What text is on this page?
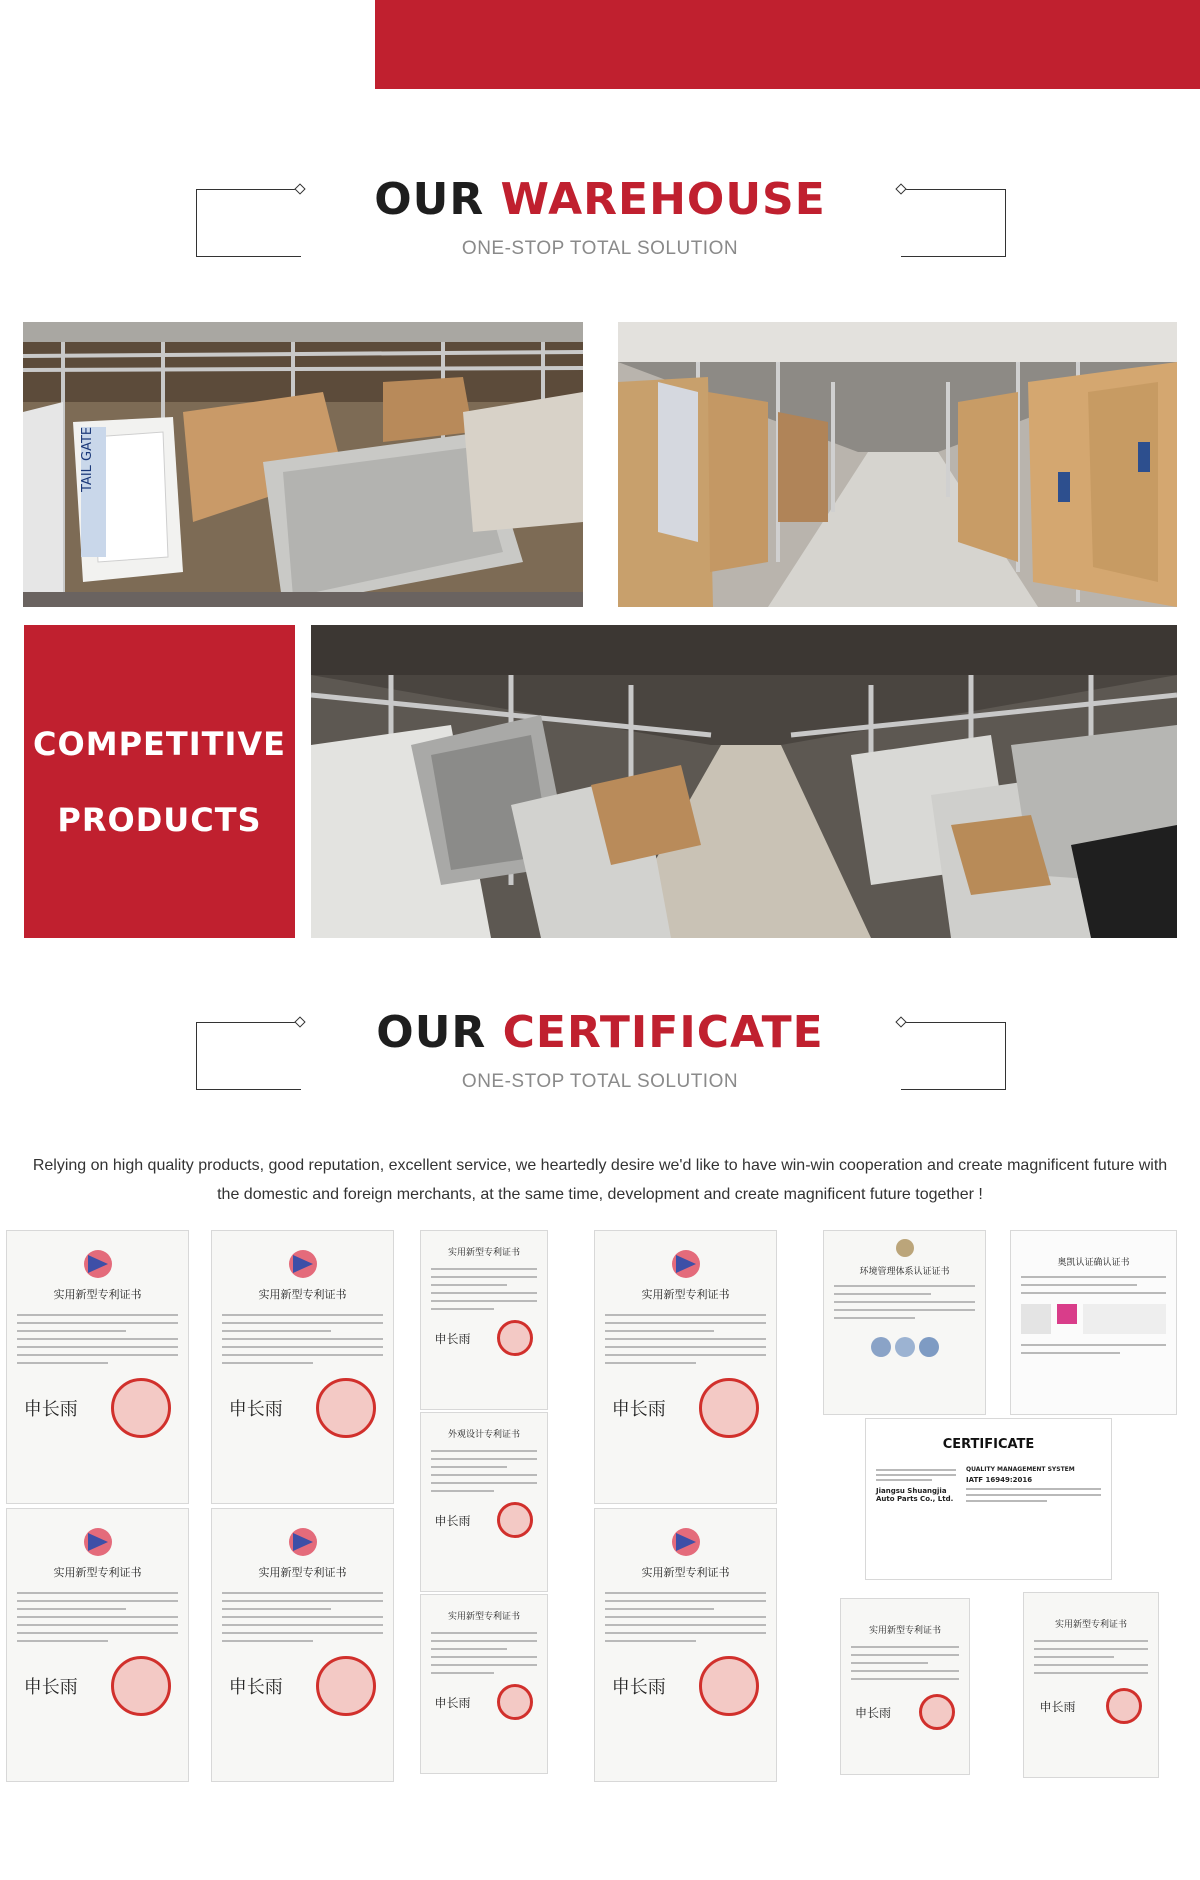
OUR WAREHOUSE
ONE-STOP TOTAL SOLUTION
TAIL GATE
COMPETITIVE
PRODUCTS
OUR CERTIFICATE
ONE-STOP TOTAL SOLUTION
Relying on high quality products, good reputation, excellent service, we heartedly desire we'd like to have win-win cooperation and create magnificent future with
the domestic and foreign merchants, at the same time, development and create magnificent future together !
实用新型专利证书
申长雨
实用新型专利证书
申长雨
实用新型专利证书
申长雨
实用新型专利证书
申长雨
实用新型专利证书
申长雨
外观设计专利证书
申长雨
实用新型专利证书
申长雨
实用新型专利证书
申长雨
实用新型专利证书
申长雨
环境管理体系认证证书
奥凯认证确认证书
CERTIFICATE
Jiangsu Shuangjia Auto Parts Co., Ltd.
QUALITY MANAGEMENT SYSTEM
IATF 16949:2016
实用新型专利证书
申长雨
实用新型专利证书
申长雨
